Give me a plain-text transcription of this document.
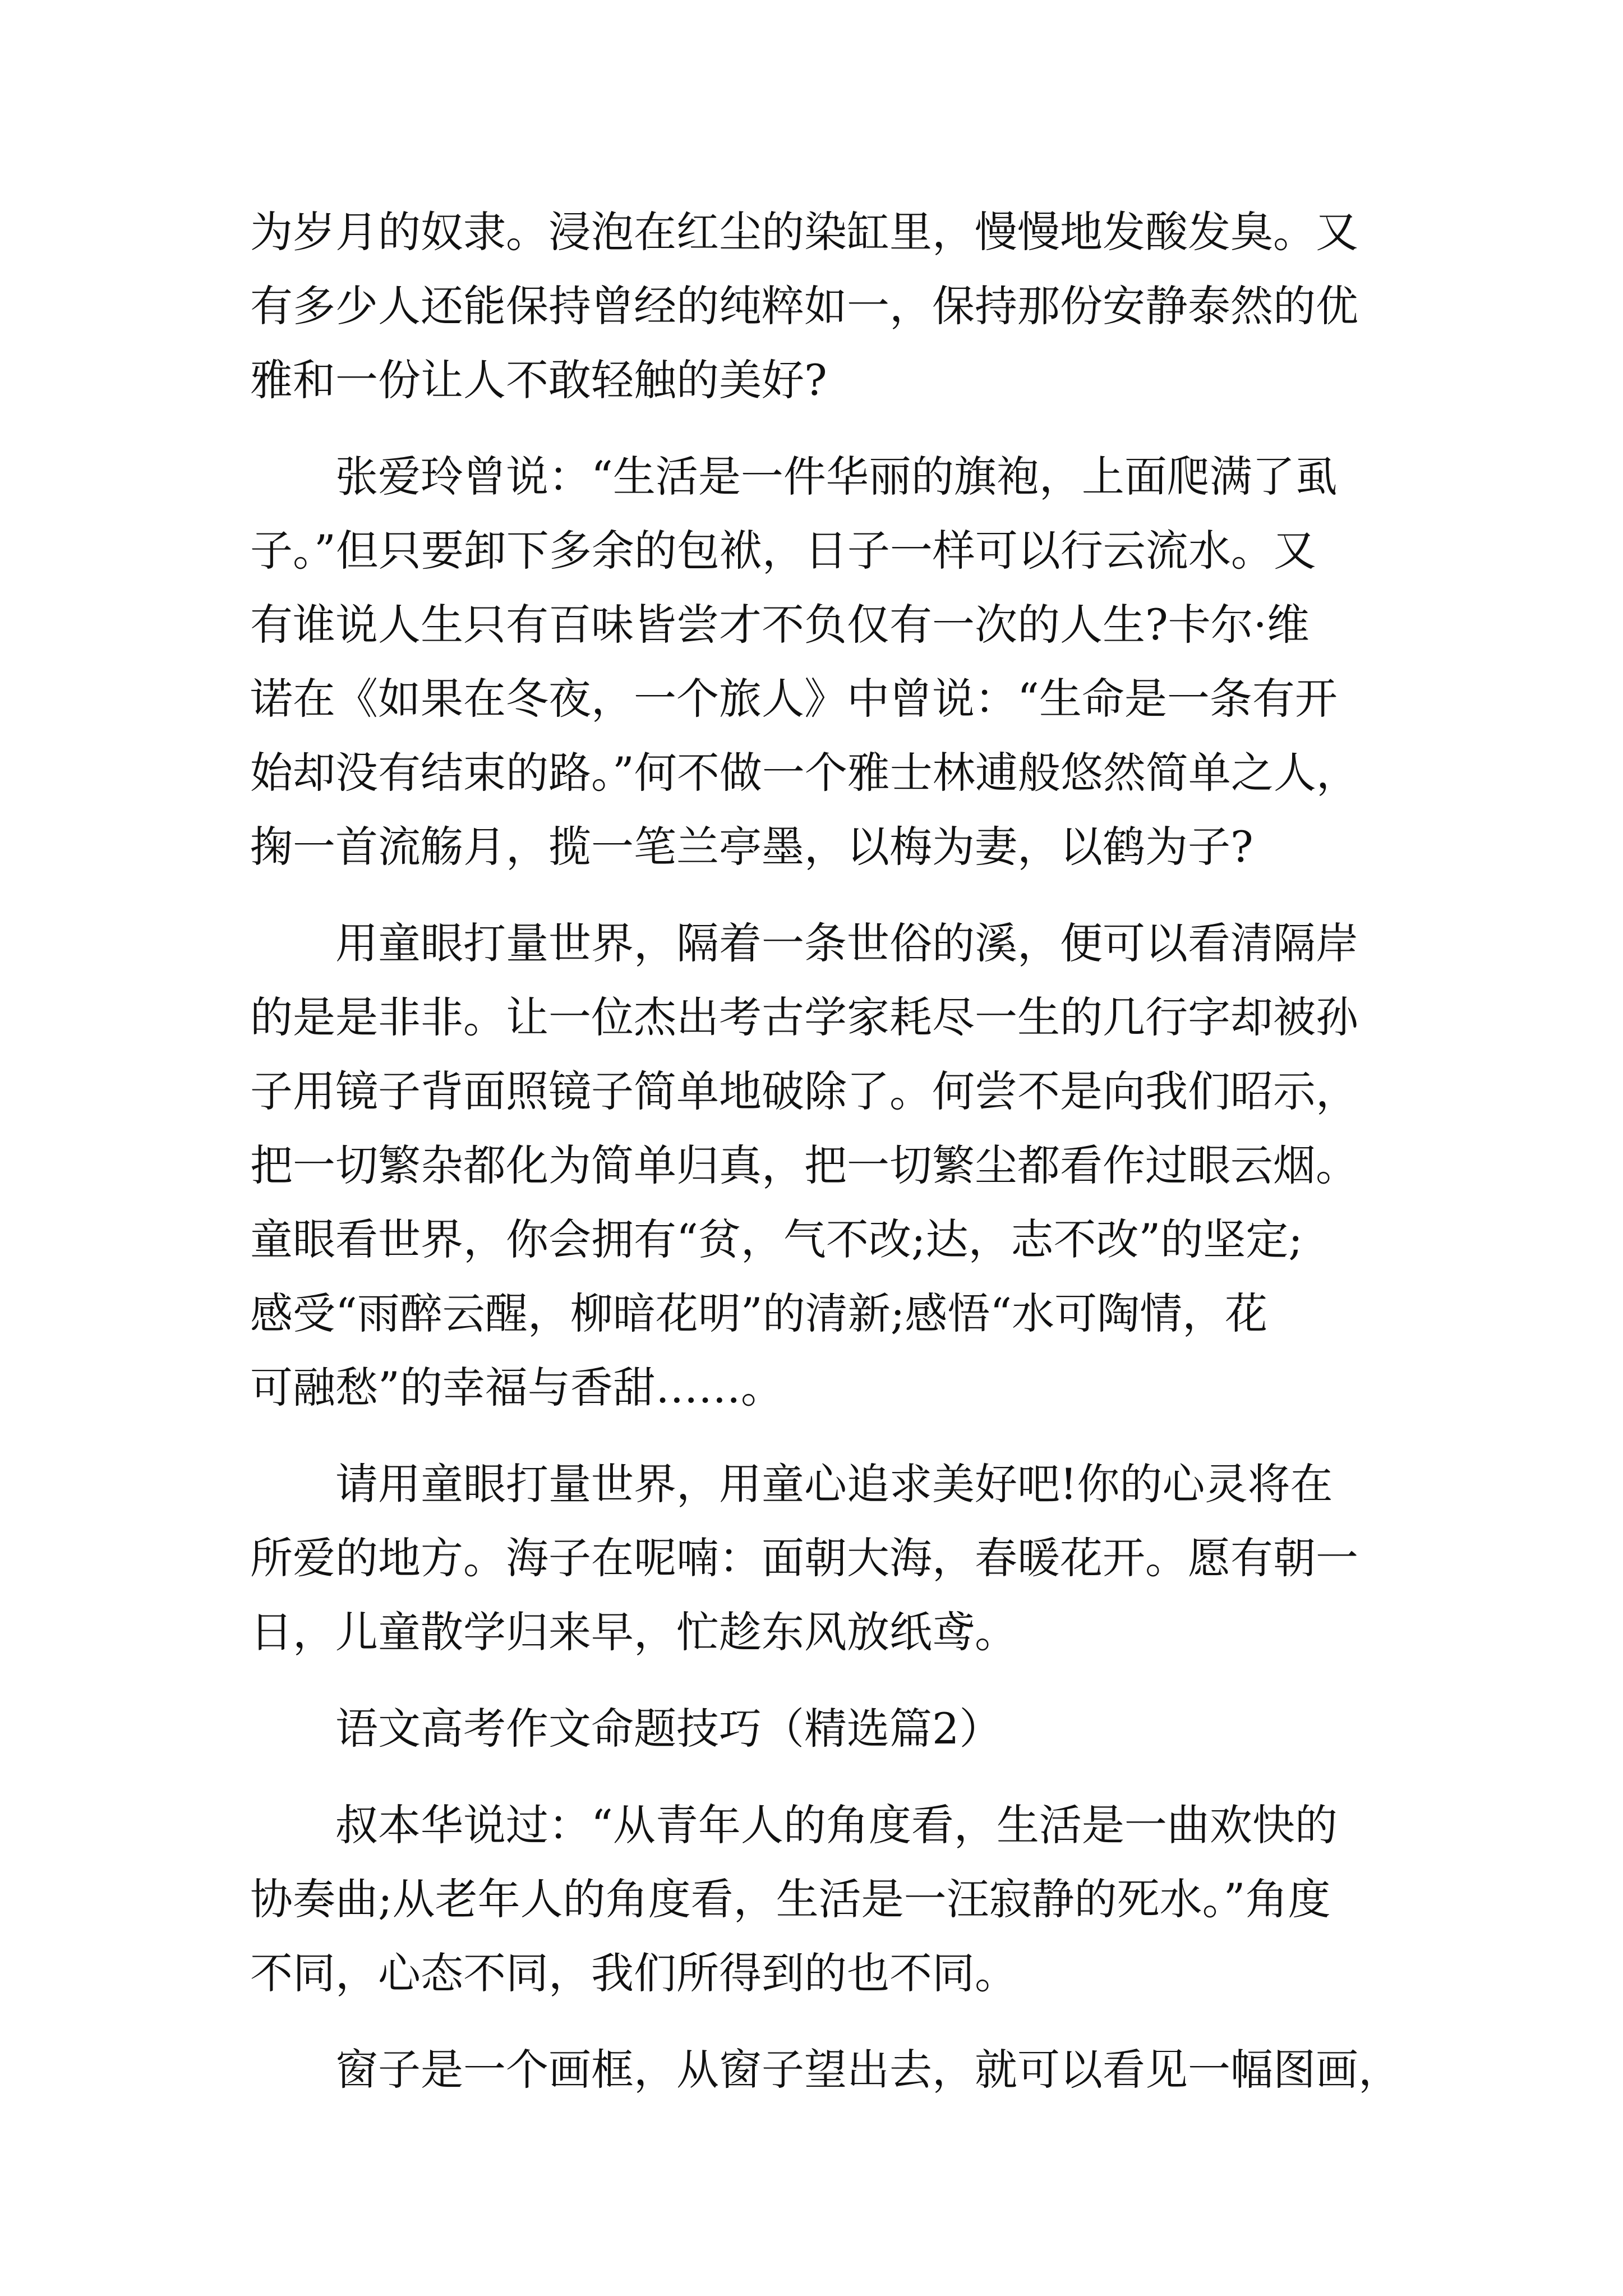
为岁月的奴隶。浸泡在红尘的染缸里，慢慢地发酸发臭。又
有多少人还能保持曾经的纯粹如一，保持那份安静泰然的优
雅和一份让人不敢轻触的美好?
张爱玲曾说：“生活是一件华丽的旗袍，上面爬满了虱
子。”但只要卸下多余的包袱，日子一样可以行云流水。又
有谁说人生只有百味皆尝才不负仅有一次的人生?卡尔·维
诺在《如果在冬夜，一个旅人》中曾说：“生命是一条有开
始却没有结束的路。”何不做一个雅士林逋般悠然简单之人，
掬一首流觞月，揽一笔兰亭墨，以梅为妻，以鹤为子?
用童眼打量世界，隔着一条世俗的溪，便可以看清隔岸
的是是非非。让一位杰出考古学家耗尽一生的几行字却被孙
子用镜子背面照镜子简单地破除了。何尝不是向我们昭示，
把一切繁杂都化为简单归真，把一切繁尘都看作过眼云烟。
童眼看世界，你会拥有“贫，气不改;达，志不改”的坚定;
感受“雨醉云醒，柳暗花明”的清新;感悟“水可陶情，花
可融愁”的幸福与香甜……。
请用童眼打量世界，用童心追求美好吧!你的心灵将在
所爱的地方。海子在呢喃：面朝大海，春暖花开。愿有朝一
日，儿童散学归来早，忙趁东风放纸鸢。
语文高考作文命题技巧（精选篇2）
叔本华说过：“从青年人的角度看，生活是一曲欢快的
协奏曲;从老年人的角度看，生活是一汪寂静的死水。”角度
不同，心态不同，我们所得到的也不同。
窗子是一个画框，从窗子望出去，就可以看见一幅图画，
